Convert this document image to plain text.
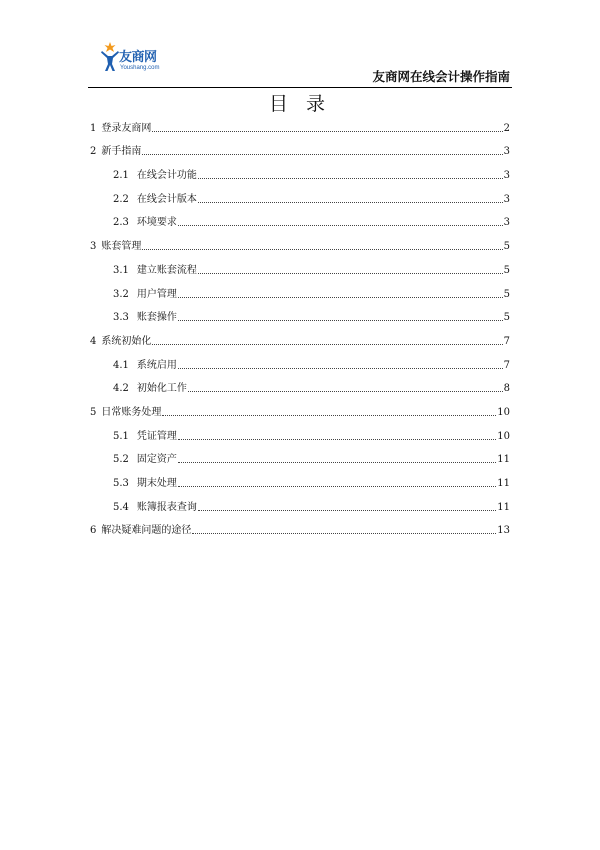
友商网
Youshang.com
友商网在线会计操作指南
目 录
1 登录友商网	2
2 新手指南	3
2.1 在线会计功能	3
2.2 在线会计版本	3
2.3 环境要求	3
3 账套管理	5
3.1 建立账套流程	5
3.2 用户管理	5
3.3 账套操作	5
4 系统初始化	7
4.1 系统启用	7
4.2 初始化工作	8
5 日常账务处理	10
5.1 凭证管理	10
5.2 固定资产	11
5.3 期末处理	11
5.4 账簿报表查询	11
6 解决疑难问题的途径	13
